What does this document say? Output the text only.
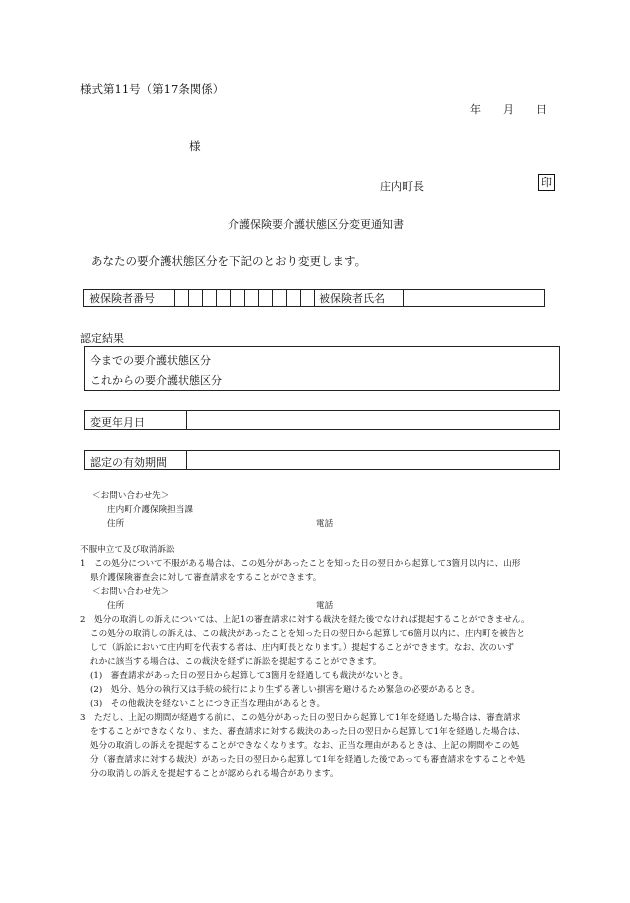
様式第11号（第17条関係）
年　　月　　日
様
庄内町長	印
介護保険要介護状態区分変更通知書
あなたの要介護状態区分を下記のとおり変更します。
被保険者番号											被保険者氏名	
認定結果
今までの要介護状態区分
これからの要介護状態区分
変更年月日
認定の有効期間
＜お問い合わせ先＞
庄内町介護保険担当課
住所	電話
不服申立て及び取消訴訟
1　この処分について不服がある場合は、この処分があったことを知った日の翌日から起算して3箇月以内に、山形
県介護保険審査会に対して審査請求をすることができます。
＜お問い合わせ先＞
住所	電話
2　処分の取消しの訴えについては、上記1の審査請求に対する裁決を経た後でなければ提起することができません。
この処分の取消しの訴えは、この裁決があったことを知った日の翌日から起算して6箇月以内に、庄内町を被告と
して（訴訟において庄内町を代表する者は、庄内町長となります。）提起することができます。なお、次のいず
れかに該当する場合は、この裁決を経ずに訴訟を提起することができます。
(1)　審査請求があった日の翌日から起算して3箇月を経過しても裁決がないとき。
(2)　処分、処分の執行又は手続の続行により生ずる著しい損害を避けるため緊急の必要があるとき。
(3)　その他裁決を経ないことにつき正当な理由があるとき。
3　ただし、上記の期間が経過する前に、この処分があった日の翌日から起算して1年を経過した場合は、審査請求
をすることができなくなり、また、審査請求に対する裁決のあった日の翌日から起算して1年を経過した場合は、
処分の取消しの訴えを提起することができなくなります。なお、正当な理由があるときは、上記の期間やこの処
分（審査請求に対する裁決）があった日の翌日から起算して1年を経過した後であっても審査請求をすることや処
分の取消しの訴えを提起することが認められる場合があります。
